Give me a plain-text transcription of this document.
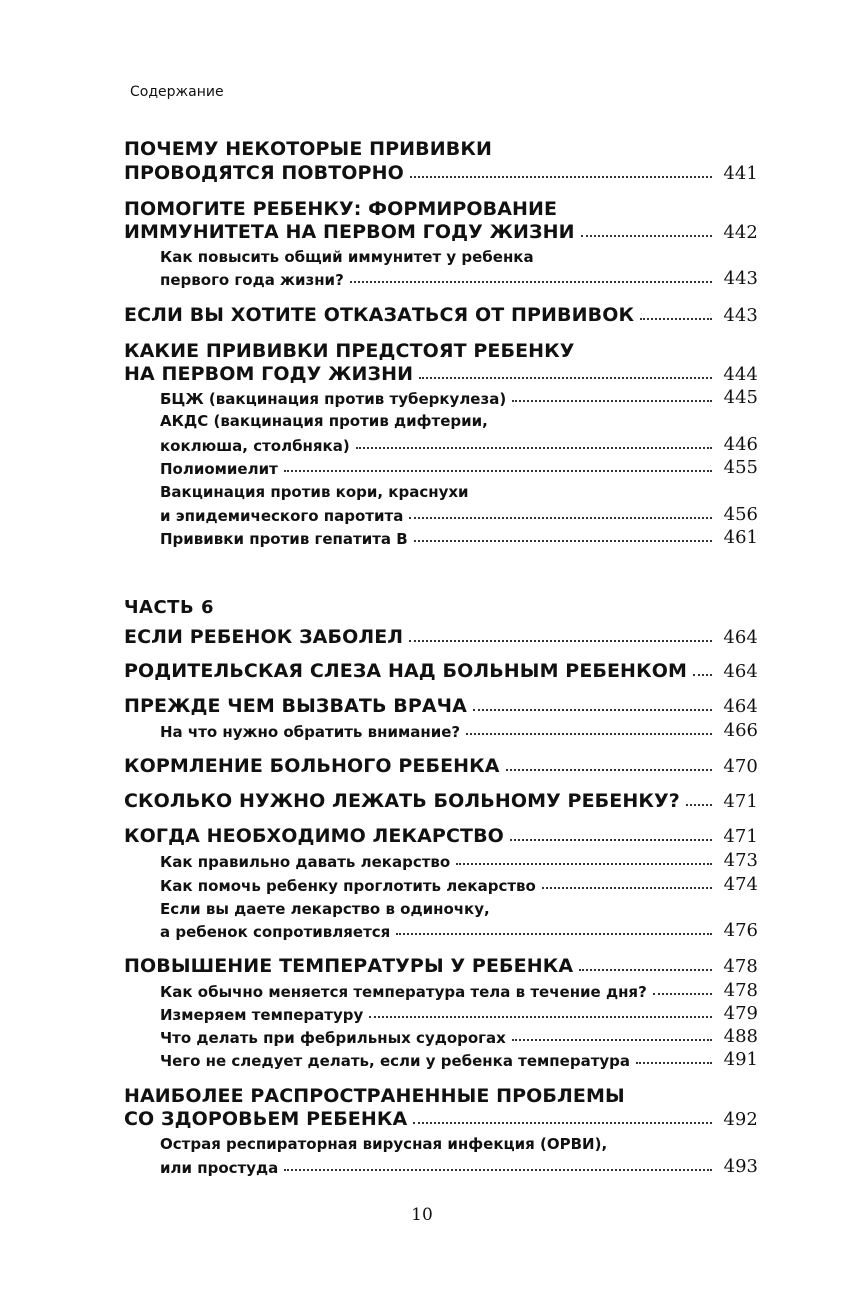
Содержание
ПОЧЕМУ НЕКОТОРЫЕ ПРИВИВКИ
ПРОВОДЯТСЯ ПОВТОРНО	441
ПОМОГИТЕ РЕБЕНКУ: ФОРМИРОВАНИЕ
ИММУНИТЕТА НА ПЕРВОМ ГОДУ ЖИЗНИ	442
Как повысить общий иммунитет у ребенка
первого года жизни?	443
ЕСЛИ ВЫ ХОТИТЕ ОТКАЗАТЬСЯ ОТ ПРИВИВОК	443
КАКИЕ ПРИВИВКИ ПРЕДСТОЯТ РЕБЕНКУ
НА ПЕРВОМ ГОДУ ЖИЗНИ	444
БЦЖ (вакцинация против туберкулеза)	445
АКДС (вакцинация против дифтерии,
коклюша, столбняка)	446
Полиомиелит	455
Вакцинация против кори, краснухи
и эпидемического паротита	456
Прививки против гепатита В	461
ЧАСТЬ 6
ЕСЛИ РЕБЕНОК ЗАБОЛЕЛ	464
РОДИТЕЛЬСКАЯ СЛЕЗА НАД БОЛЬНЫМ РЕБЕНКОМ 464
ПРЕЖДЕ ЧЕМ ВЫЗВАТЬ ВРАЧА	464
На что нужно обратить внимание?	466
КОРМЛЕНИЕ БОЛЬНОГО РЕБЕНКА	470
СКОЛЬКО НУЖНО ЛЕЖАТЬ БОЛЬНОМУ РЕБЕНКУ? 471
КОГДА НЕОБХОДИМО ЛЕКАРСТВО	471
Как правильно давать лекарство	473
Как помочь ребенку проглотить лекарство	474
Если вы даете лекарство в одиночку,
а ребенок сопротивляется	476
ПОВЫШЕНИЕ ТЕМПЕРАТУРЫ У РЕБЕНКА	478
Как обычно меняется температура тела в течение дня?	478
Измеряем температуру	479
Что делать при фебрильных судорогах	488
Чего не следует делать, если у ребенка температура	491
НАИБОЛЕЕ РАСПРОСТРАНЕННЫЕ ПРОБЛЕМЫ
СО ЗДОРОВЬЕМ РЕБЕНКА	492
Острая респираторная вирусная инфекция (ОРВИ),
или простуда	493
10
